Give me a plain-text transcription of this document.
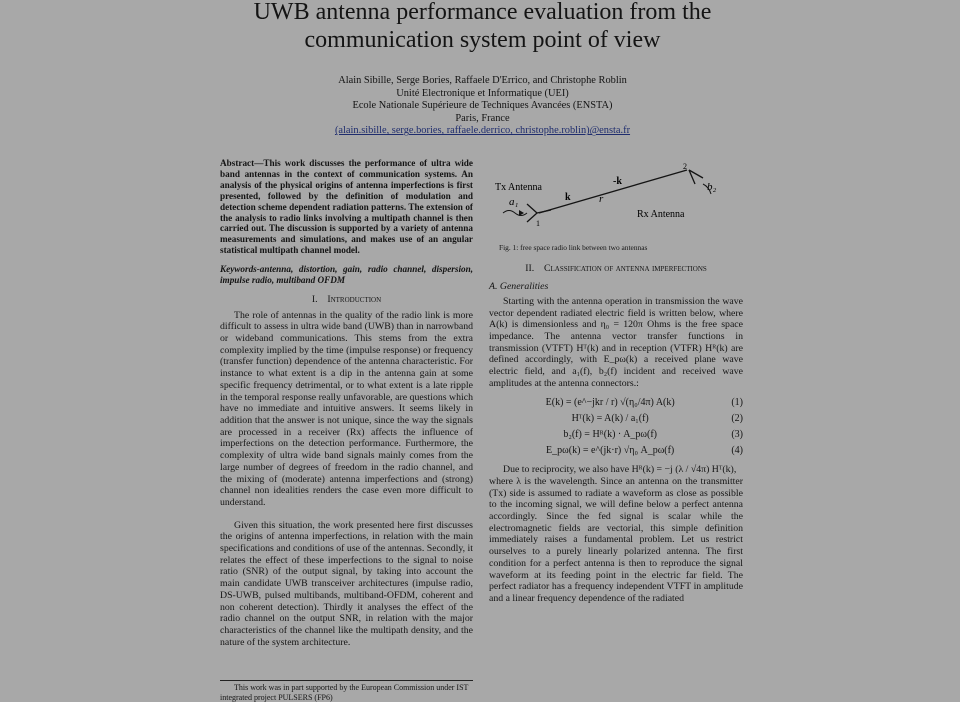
UWB antenna performance evaluation from the
communication system point of view
Alain Sibille, Serge Bories, Raffaele D'Errico, and Christophe Roblin
Unité Electronique et Informatique (UEI)
Ecole Nationale Supérieure de Techniques Avancées (ENSTA)
Paris, France
(alain.sibille, serge.bories, raffaele.derrico, christophe.roblin)@ensta.fr

Abstract—This work discusses the performance of ultra wide band antennas in the context of communication systems. An analysis of the physical origins of antenna imperfections is first presented, followed by the definition of modulation and detection scheme dependent radiation patterns. The extension of the analysis to radio links involving a multipath channel is then carried out. The discussion is supported by a variety of antenna measurements and simulations, and makes use of an angular statistical multipath channel model.

Keywords-antenna, distortion, gain, radio channel, dispersion, impulse radio, multiband OFDM

I. Introduction

The role of antennas in the quality of the radio link is more difficult to assess in ultra wide band (UWB) than in narrowband or wideband communications. This stems from the extra complexity implied by the time (impulse response) or frequency (transfer function) dependence of the antenna characteristic. For instance to what extent is a dip in the antenna gain at some specific frequency detrimental, or to what extent is a late ripple in the temporal response really unfavorable, are questions which have no immediate and intuitive answers. It seems likely in addition that the answer is not unique, since the way the signals are processed in a receiver (Rx) affects the influence of imperfections on the detection performance. Furthermore, the complexity of ultra wide band signals mainly comes from the large number of degrees of freedom in the radio channel, and the mixing of (moderate) antenna imperfections and (strong) channel non idealities renders the case even more difficult to understand.

Given this situation, the work presented here first discusses the origins of antenna imperfections, in relation with the main specifications and conditions of use of the antennas. Secondly, it relates the effect of these imperfections to the signal to noise ratio (SNR) of the output signal, by taking into account the main candidate UWB transceiver architectures (impulse radio, DS-UWB, pulsed multibands, multiband-OFDM, coherent and non coherent detection). Thirdly it analyses the effect of the radio channel on the output SNR, in relation with the major characteristics of the channel like the multipath density, and the nature of the system architecture.

This work was in part supported by the European Commission under IST integrated project PULSERS (FP6)
Tx Antenna
Rx Antenna
a₁
b₂
k
-k
r
1
2

Fig. 1: free space radio link between two antennas

II. Classification of antenna imperfections

A. Generalities

Starting with the antenna operation in transmission the wave vector dependent radiated electric field is written below, where A(k) is dimensionless and η₀ = 120π Ohms is the free space impedance. The antenna vector transfer functions in transmission (VTFT) Hᵀ(k) and in reception (VTFR) Hᴿ(k) are defined accordingly, with E_pω(k) a received plane wave electric field, and a₁(f), b₂(f) incident and received wave amplitudes at the antenna connectors.:

E(k) = (e^−jkr / r) √(η₀/4π) A(k)	(1)
Hᵀ(k) = A(k) / a₁(f)	(2)
b₂(f) = Hᴿ(k) · A_pω(f)	(3)
E_pω(k) = e^(jk·r) √η₀ A_pω(f)	(4)

Due to reciprocity, we also have Hᴿ(k) = −j (λ / √4π) Hᵀ(k),

where λ is the wavelength. Since an antenna on the transmitter (Tx) side is assumed to radiate a waveform as close as possible to the incoming signal, we will define below a perfect antenna accordingly. Since the fed signal is scalar while the electromagnetic fields are vectorial, this simple definition immediately raises a fundamental problem. Let us restrict ourselves to a purely linearly polarized antenna. The first condition for a perfect antenna is then to reproduce the signal waveform at its feeding point in the electric far field. The perfect radiator has a frequency independent VTFT in amplitude and a linear frequency dependence of the radiated
